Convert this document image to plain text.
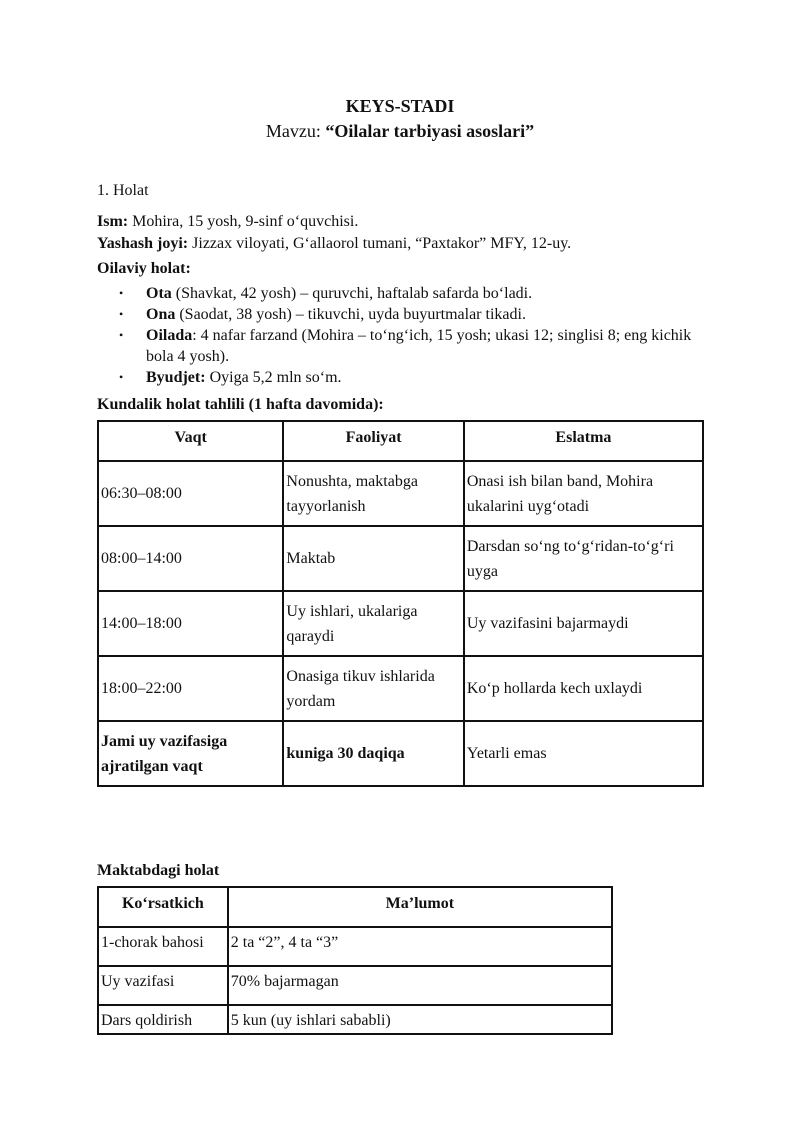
KEYS-STADI
Mavzu: “Oilalar tarbiyasi asoslari”
1. Holat
Ism: Mohira, 15 yosh, 9-sinf o‘quvchisi.
Yashash joyi: Jizzax viloyati, G‘allaorol tumani, “Paxtakor” MFY, 12-uy.
Oilaviy holat:
• Ota (Shavkat, 42 yosh) – quruvchi, haftalab safarda bo‘ladi.
• Ona (Saodat, 38 yosh) – tikuvchi, uyda buyurtmalar tikadi.
• Oilada: 4 nafar farzand (Mohira – to‘ng‘ich, 15 yosh; ukasi 12; singlisi 8; eng kichik bola 4 yosh).
• Byudjet: Oyiga 5,2 mln so‘m.
Kundalik holat tahlili (1 hafta davomida):
Vaqt	Faoliyat	Eslatma
06:30–08:00	Nonushta, maktabga tayyorlanish	Onasi ish bilan band, Mohira ukalarini uyg‘otadi
08:00–14:00	Maktab	Darsdan so‘ng to‘g‘ridan-to‘g‘ri uyga
14:00–18:00	Uy ishlari, ukalariga qaraydi	Uy vazifasini bajarmaydi
18:00–22:00	Onasiga tikuv ishlarida yordam	Ko‘p hollarda kech uxlaydi
Jami uy vazifasiga ajratilgan vaqt	kuniga 30 daqiqa	Yetarli emas
Maktabdagi holat
Ko‘rsatkich	Ma’lumot
1-chorak bahosi	2 ta “2”, 4 ta “3”
Uy vazifasi	70% bajarmagan
Dars qoldirish	5 kun (uy ishlari sababli)
